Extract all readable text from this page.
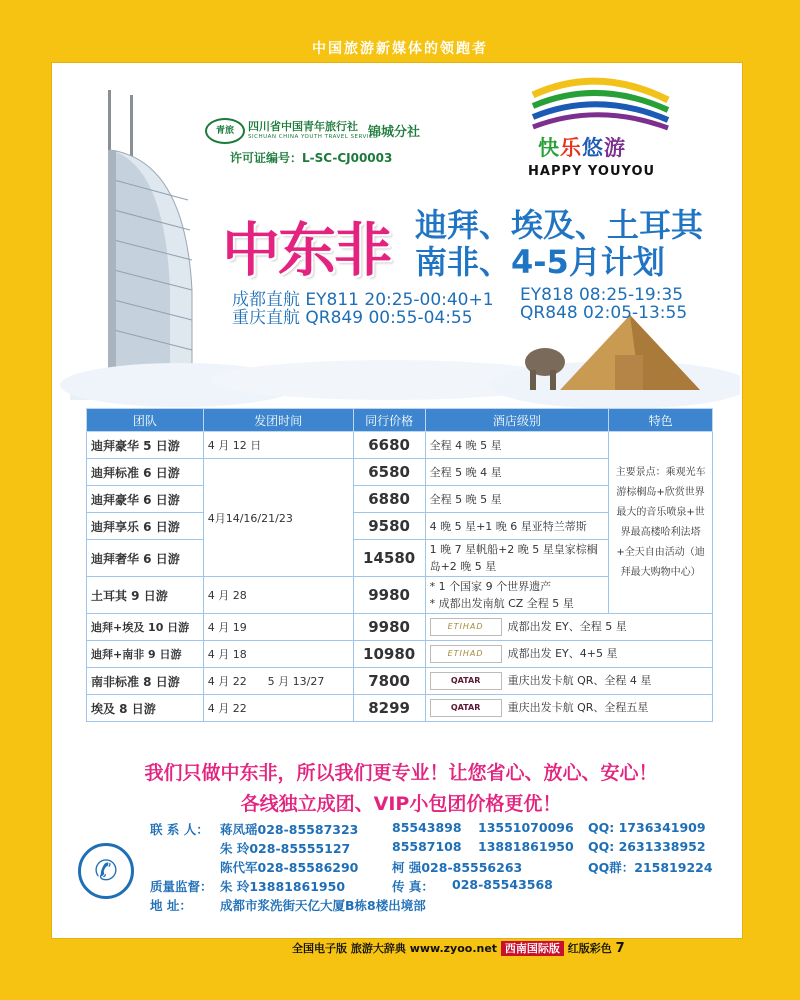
中国旅游新媒体的领跑者
青旅	四川省中国青年旅行社
SICHUAN CHINA YOUTH TRAVEL SERVICE
锦城分社
许可证编号：L-SC-CJ00003	快乐悠游
HAPPY YOUYOU
中东非 迪拜、埃及、土耳其
南非、4-5月计划
成都直航 EY811 20:25-00:40+1 EY818 08:25-19:35
重庆直航 QR849 00:55-04:55	QR848 02:05-13:55
团队	发团时间	同行价格	酒店级别	特色
迪拜豪华 5 日游	4 月 12 日	6680	全程 4 晚 5 星	主要景点：乘观光车游棕榈岛+欣赏世界最大的音乐喷泉+世界最高楼哈利法塔+全天自由活动（迪拜最大购物中心）
迪拜标准 6 日游	4月14/16/21/23	6580	全程 5 晚 4 星	
迪拜豪华 6 日游		6880	全程 5 晚 5 星	
迪拜享乐 6 日游		9580	4 晚 5 星+1 晚 6 星亚特兰蒂斯	
迪拜奢华 6 日游		14580	1 晚 7 星帆船+2 晚 5 星皇家棕榈岛+2 晚 5 星	
土耳其 9 日游	4 月 28	9980	* 1 个国家 9 个世界遗产
* 成都出发南航 CZ 全程 5 星	

迪拜+埃及 10 日游	4 月 19	9980	ETIHAD 成都出发 EY、全程 5 星	
迪拜+南非 9 日游	4 月 18	10980	ETIHAD 成都出发 EY、4+5 星	
南非标准 8 日游	4 月 22      5 月 13/27	7800	QATAR 重庆出发卡航 QR、全程 4 星	
埃及 8 日游	4 月 22	8299	QATAR 重庆出发卡航 QR、全程五星	
我们只做中东非，所以我们更专业！让您省心、放心、安心！
各线独立成团、VIP小包团价格更优！
✆
联 系 人： 蒋凤瑶028-85587323	85543898 13551070096 QQ: 1736341909
朱 玲028-85555127	85587108 13881861950 QQ: 2631338952
陈代军028-85586290	柯 强028-85556263	QQ群：215819224
质量监督： 朱 玲13881861950	传 真： 028-85543568
地 址： 成都市浆洗街天亿大厦B栋8楼出境部
全国电子版 旅游大辞典 www.zyoo.net 西南国际版 红版彩色 7
